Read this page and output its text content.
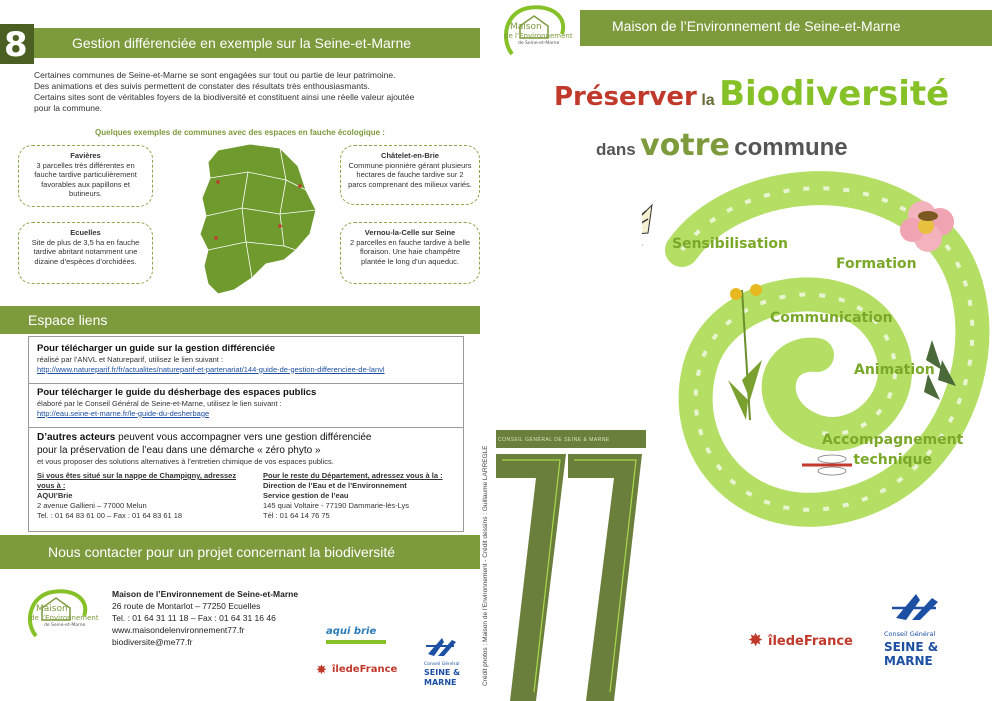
8	Gestion différenciée en exemple sur la Seine-et-Marne
Certaines communes de Seine-et-Marne se sont engagées sur tout ou partie de leur patrimoine.
Des animations et des suivis permettent de constater des résultats très enthousiasmants.
Certains sites sont de véritables foyers de la biodiversité et constituent ainsi une réelle valeur ajoutée
pour la commune.
Quelques exemples de communes avec des espaces en fauche écologique :
Favières
3 parcelles très différentes en fauche tardive particulièrement favorables aux papillons et butineurs.
Châtelet-en-Brie
Commune pionnière gérant plusieurs hectares de fauche tardive sur 2 parcs comprenant des milieux variés.
Ecuelles
Site de plus de 3,5 ha en fauche tardive abritant notamment une dizaine d’espèces d’orchidées.
Vernou-la-Celle sur Seine
2 parcelles en fauche tardive à belle floraison. Une haie champêtre plantée le long d’un aqueduc.
Espace liens
Pour télécharger un guide sur la gestion différenciée
réalisé par l’ANVL et Natureparif, utilisez le lien suivant :
http://www.natureparif.fr/fr/actualites/natureparif-et-partenariat/144-guide-de-gestion-differenciee-de-lanvl
Pour télécharger le guide du désherbage des espaces publics
élaboré par le Conseil Général de Seine-et-Marne, utilisez le lien suivant :
http://eau.seine-et-marne.fr/le-guide-du-desherbage
D’autres acteurs peuvent vous accompagner vers une gestion différenciée
pour la préservation de l’eau dans une démarche « zéro phyto »
et vous proposer des solutions alternatives à l’entretien chimique de vos espaces publics.
Si vous êtes situé sur la nappe de Champigny, adressez vous à :
AQUI’Brie
2 avenue Gallieni – 77000 Melun
Tel. : 01 64 83 61 00 – Fax : 01 64 83 61 18
Pour le reste du Département, adressez vous à la :
Direction de l’Eau et de l’Environnement
Service gestion de l’eau
145 quai Voltaire - 77190 Dammarie-lès-Lys
Tél : 01 64 14 76 75
Nous contacter pour un projet concernant la biodiversité
Maison
de l’Environnement
de Seine-et-Marne
Maison de l’Environnement de Seine-et-Marne
26 route de Montarlot – 77250 Ecuelles
Tel. : 01 64 31 11 18 – Fax : 01 64 31 16 46
www.maisondelenvironnement77.fr
biodiversite@me77.fr
aqui brie
✸ îledeFrance	Conseil Général
SEINE &
MARNE	Crédit photos : Maison de l’Environnement - Crédit dessins : Guillaume LARREGLE
Maison
de l’Environnement
de Seine-et-Marne
Maison de l’Environnement de Seine-et-Marne
Préserver la Biodiversité
dans votre commune
Sensibilisation
Formation
Communication
Animation
Accompagnement
technique
CONSEIL GÉNÉRAL DE SEINE & MARNE
✸ îledeFrance	Conseil Général
SEINE &
MARNE
